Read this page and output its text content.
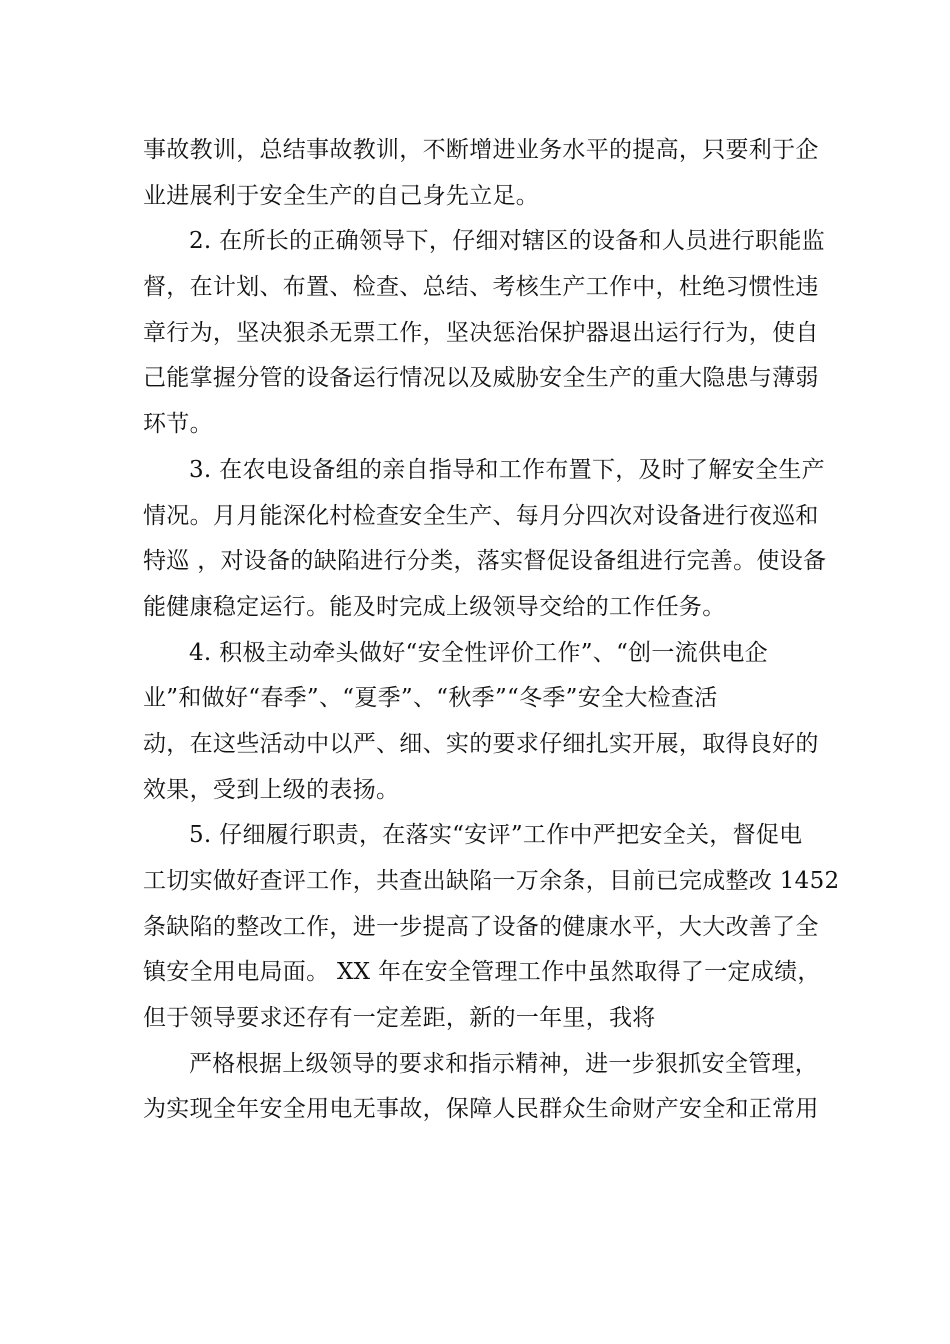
事故教训，总结事故教训，不断增进业务水平的提高，只要利于企
业进展利于安全生产的自己身先立足。
2. 在所长的正确领导下，仔细对辖区的设备和人员进行职能监
督，在计划、布置、检查、总结、考核生产工作中，杜绝习惯性违
章行为，坚决狠杀无票工作，坚决惩治保护器退出运行行为，使自
己能掌握分管的设备运行情况以及威胁安全生产的重大隐患与薄弱
环节。
3. 在农电设备组的亲自指导和工作布置下，及时了解安全生产
情况。月月能深化村检查安全生产、每月分四次对设备进行夜巡和
特巡 ，对设备的缺陷进行分类，落实督促设备组进行完善。使设备
能健康稳定运行。能及时完成上级领导交给的工作任务。
4. 积极主动牵头做好“安全性评价工作”、“创一流供电企
业”和做好“春季”、“夏季”、“秋季”“冬季”安全大检查活
动，在这些活动中以严、细、实的要求仔细扎实开展，取得良好的
效果，受到上级的表扬。
5. 仔细履行职责，在落实“安评”工作中严把安全关，督促电
工切实做好查评工作，共查出缺陷一万余条，目前已完成整改 1452
条缺陷的整改工作，进一步提高了设备的健康水平，大大改善了全
镇安全用电局面。 XX 年在安全管理工作中虽然取得了一定成绩，
但于领导要求还存有一定差距，新的一年里，我将
严格根据上级领导的要求和指示精神，进一步狠抓安全管理，
为实现全年安全用电无事故，保障人民群众生命财产安全和正常用
